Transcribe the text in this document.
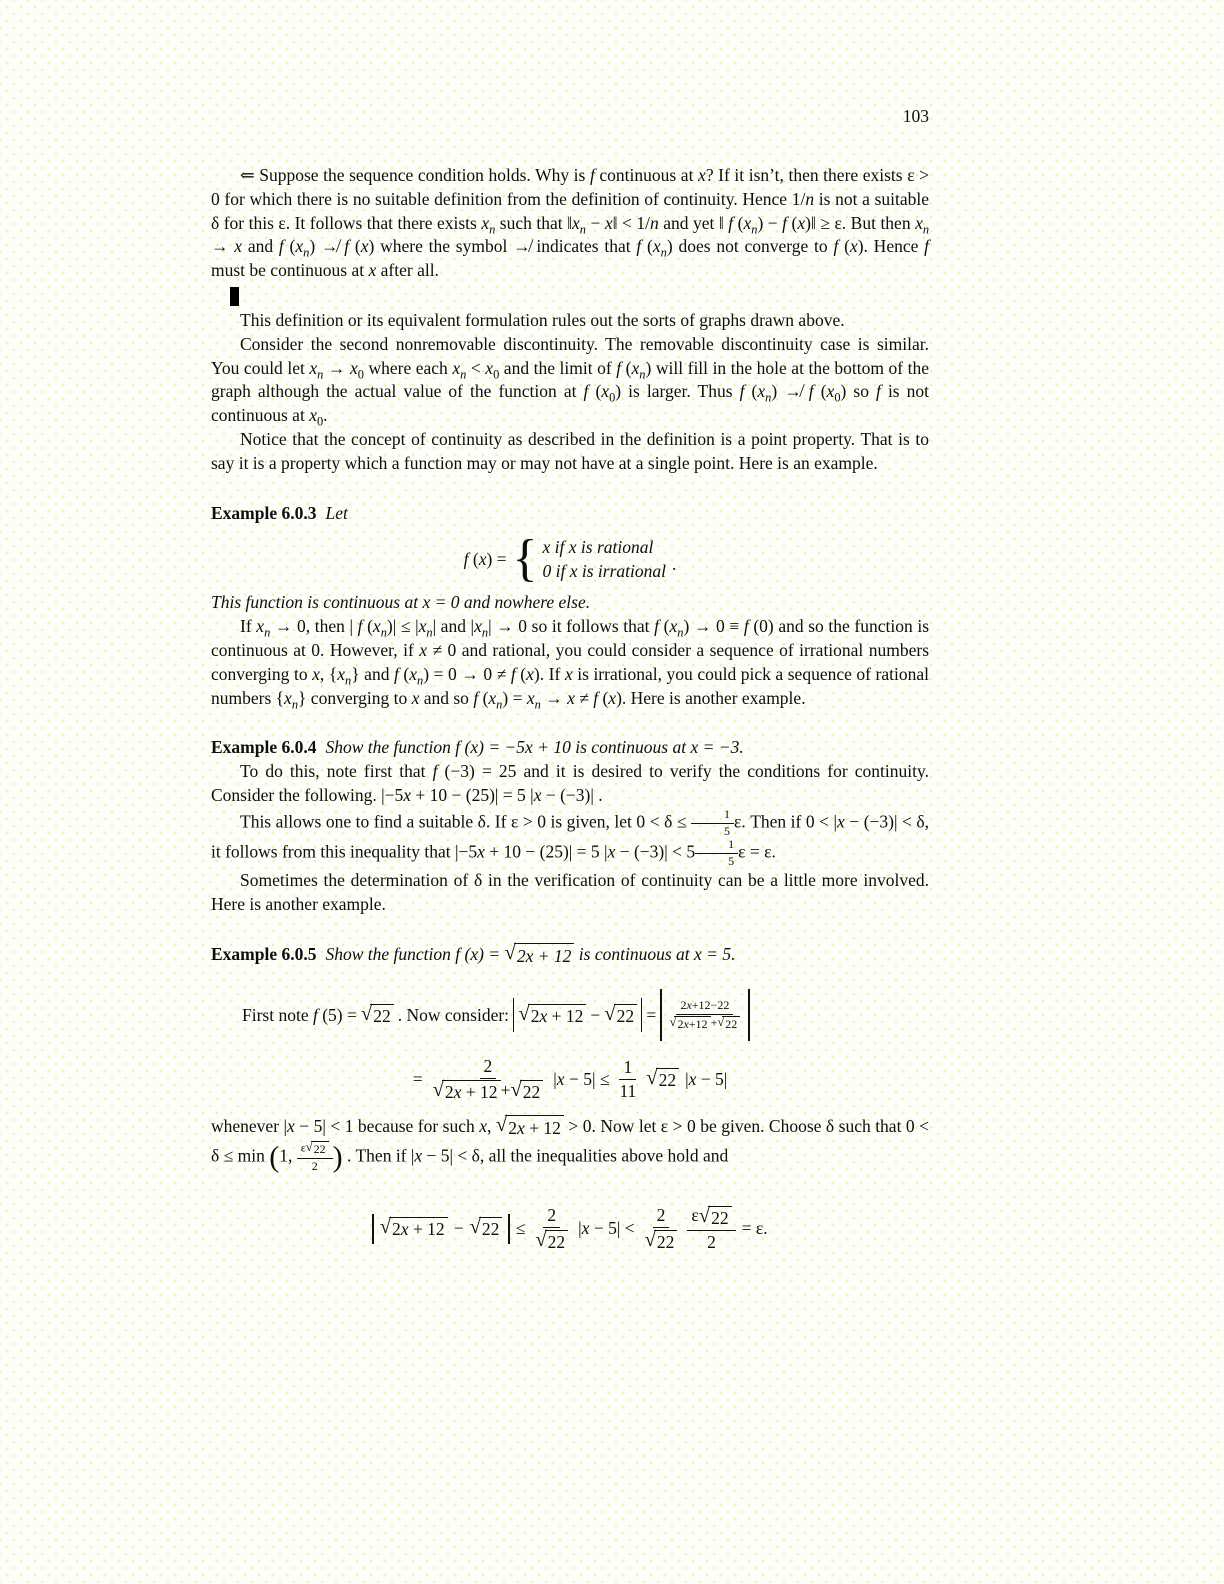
103

⇐ Suppose the sequence condition holds. Why is f continuous at x? If it isn’t, then there exists ε > 0 for which there is no suitable definition from the definition of continuity. Hence 1/n is not a suitable δ for this ε. It follows that there exists $x_n$ such that $‖x_n$ − x‖ < 1/n and yet ‖ f $(x_n) - f$ (x)‖ ≥ ε. But then $x_n \to x$ and f $(x_n)$ ↛ f (x) where the symbol ↛ indicates that f $(x_n)$ does not converge to f (x). Hence f must be continuous at x after all.

This definition or its equivalent formulation rules out the sorts of graphs drawn above.

Consider the second nonremovable discontinuity. The removable discontinuity case is similar. You could let $x_n \to x_0$ where each $x_n < x_0$ and the limit of f $(x_n)$ will fill in the hole at the bottom of the graph although the actual value of the function at f $(x_0)$ is larger. Thus f $(x_n)$ ↛ f $(x_0)$ so f is not continuous at $x_0$.

Notice that the concept of continuity as described in the definition is a point property. That is to say it is a property which a function may or may not have at a single point. Here is an example.

Example 6.0.3 Let
f (x) = { x if x is rational
0 if x is irrational .

This function is continuous at x = 0 and nowhere else.

If $x_n \to 0$, then | f $(x_n)| \le |x_n|$ and $|x_n| \to 0$ so it follows that f $(x_n) \to 0 \equiv f$ (0) and so the function is continuous at 0. However, if x ≠ 0 and rational, you could consider a sequence of irrational numbers converging to x, $\{x_n\}$ and f $(x_n) = 0 \to 0 \ne f$ (x). If x is irrational, you could pick a sequence of rational numbers $\{x_n\}$ converging to x and so f $(x_n) = x_n \to x \ne f$ (x). Here is another example.

Example 6.0.4 Show the function f (x) = −5x + 10 is continuous at x = −3.

To do this, note first that f (−3) = 25 and it is desired to verify the conditions for continuity. Consider the following. |−5x + 10 − (25)| = 5 |x − (−3)| .

This allows one to find a suitable δ. If ε > 0 is given, let $0 < \delta \le \frac{1}{5} \varepsilon$. Then if 0 < |x − (−3)| < δ, it follows from this inequality that |−5x + 10 − (25)| = 5 $|x - (-3)| < 5 \frac{1}{5}$ ε = ε.

Sometimes the determination of δ in the verification of continuity can be a little more involved. Here is another example.

Example 6.0.5 Show the function f (x) = √ 2x + 12 is continuous at x = 5.
First note f (5) = √ 22 . Now consider: √ 2x + 12 − √ $22 = \frac{2x+12-22}{√ 2x+12 + √ 22}$
= $\frac{2}{√ 2x + 12 + √ 22} |x - 5| \le \frac{1}{11}$ √ 22 |x − 5|

whenever |x − 5| < 1 because for such x, √ 2x + 12 > 0. Now let ε > 0 be given. Choose δ such that 0 < δ ≤ min (1, $\frac{\varepsilon √ 22}{2}$ ) . Then if |x − 5| < δ, all the inequalities above hold and

√ 2x + 12 − √ $22 \le \frac{2}{√ 22} |x - 5| < \frac{2}{√ 22} \frac{\varepsilon √ 22}{2} = \varepsilon$.
